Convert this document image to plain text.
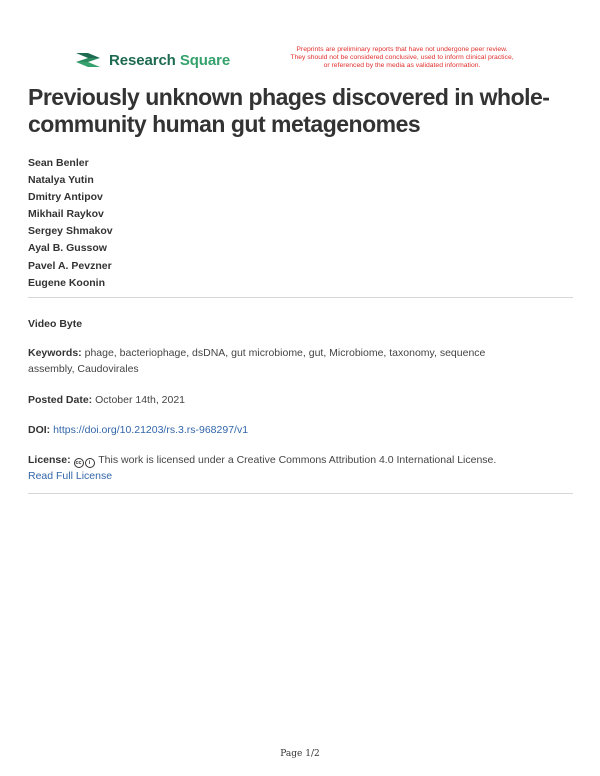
Research Square
Preprints are preliminary reports that have not undergone peer review.
They should not be considered conclusive, used to inform clinical practice,
or referenced by the media as validated information.
Previously unknown phages discovered in whole-
community human gut metagenomes
Sean Benler
Natalya Yutin
Dmitry Antipov
Mikhail Raykov
Sergey Shmakov
Ayal B. Gussow
Pavel A. Pevzner
Eugene Koonin
Video Byte
Keywords: phage, bacteriophage, dsDNA, gut microbiome, gut, Microbiome, taxonomy, sequence
assembly, Caudovirales
Posted Date: October 14th, 2021
DOI: https://doi.org/10.21203/rs.3.rs-968297/v1
License: cc i This work is licensed under a Creative Commons Attribution 4.0 International License.
Read Full License
Page 1/2
